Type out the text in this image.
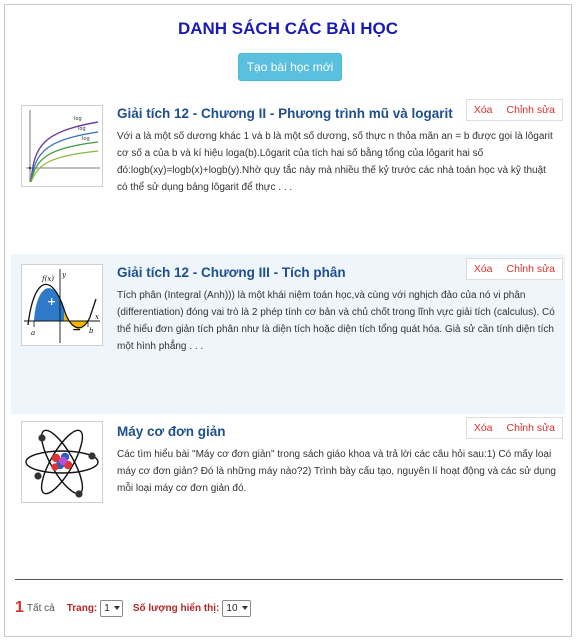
DANH SÁCH CÁC BÀI HỌC
Tạo bài học mới
log
log
log
Giải tích 12 - Chương II - Phương trình mũ và logarit
Với a là một số dương khác 1 và b là một số dương, số thực n thỏa mãn an = b được gọi là lôgarit cơ số a của b và kí hiệu loga(b).Lôgarit của tích hai số bằng tổng của lôgarit hai số đó:logb(xy)=logb(x)+logb(y).Nhờ quy tắc này mà nhiều thế kỷ trước các nhà toán học và kỹ thuật có thể sử dụng bảng lôgarit để thực . . .
Xóa	Chỉnh sửa
f(x) y
+
−
a	b
x
Giải tích 12 - Chương III - Tích phân
Tích phân (Integral (Anh))) là một khái niệm toán học,và cùng với nghịch đảo của nó vi phân (differentiation) đóng vai trò là 2 phép tính cơ bản và chủ chốt trong lĩnh vực giải tích (calculus). Có thể hiểu đơn giản tích phân như là diện tích hoặc diện tích tổng quát hóa. Giả sử cần tính diện tích một hình phẳng . . .
Xóa	Chỉnh sửa
Máy cơ đơn giản
Các tìm hiểu bài "Máy cơ đơn giản" trong sách giáo khoa và trả lời các câu hỏi sau:1) Có mấy loại máy cơ đơn giản? Đó là những máy nào?2) Trình bày cấu tạo, nguyên lí hoạt động và các sử dụng mỗi loại máy cơ đơn giản đó.
Xóa	Chỉnh sửa
1 Tất cả Trang: 1 Số lượng hiển thị: 10
